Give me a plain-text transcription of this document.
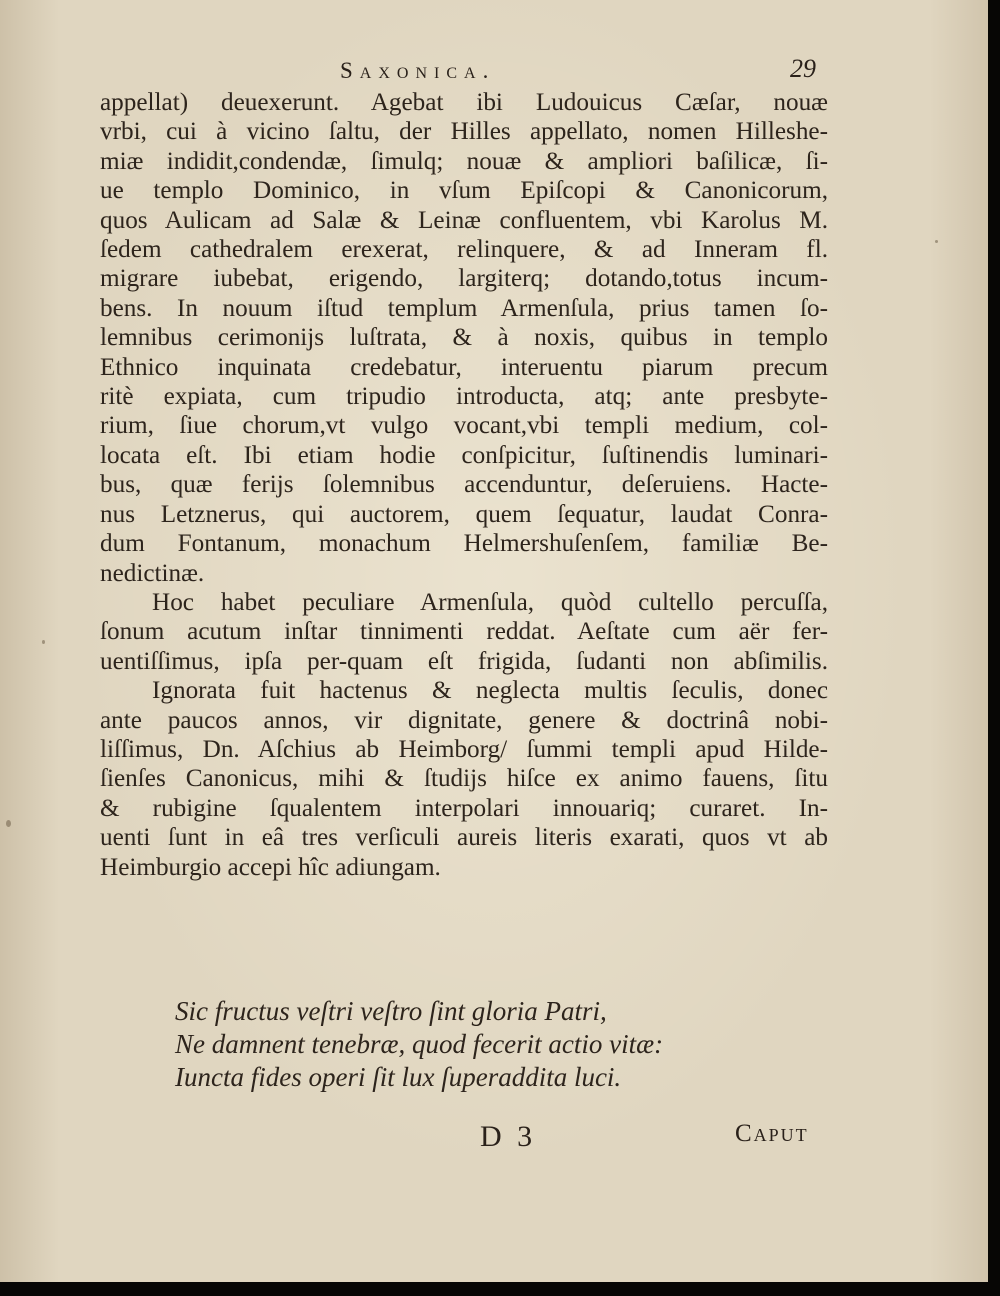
Saxonica.	29
appellat) deuexerunt. Agebat ibi Ludouicus Cæſar, nouæ
vrbi, cui à vicino ſaltu, der Hilles appellato, nomen Hilleshe-
miæ indidit,condendæ, ſimulq; nouæ & ampliori baſilicæ, ſi-
ue templo Dominico, in vſum Epiſcopi & Canonicorum,
quos Aulicam ad Salæ & Leinæ confluentem, vbi Karolus M.
ſedem cathedralem erexerat, relinquere, & ad Inneram fl.
migrare iubebat, erigendo, largiterq; dotando,totus incum-
bens. In nouum iſtud templum Armenſula, prius tamen ſo-
lemnibus cerimonijs luſtrata, & à noxis, quibus in templo
Ethnico inquinata credebatur, interuentu piarum precum
ritè expiata, cum tripudio introducta, atq; ante presbyte-
rium, ſiue chorum,vt vulgo vocant,vbi templi medium, col-
locata eſt. Ibi etiam hodie conſpicitur, ſuſtinendis luminari-
bus, quæ ferijs ſolemnibus accenduntur, deſeruiens. Hacte-
nus Letznerus, qui auctorem, quem ſequatur, laudat Conra-
dum Fontanum, monachum Helmershuſenſem, familiæ Be-
nedictinæ.
Hoc habet peculiare Armenſula, quòd cultello percuſſa,
ſonum acutum inſtar tinnimenti reddat. Aeſtate cum aër fer-
uentiſſimus, ipſa per-quam eſt frigida, ſudanti non abſimilis.
Ignorata fuit hactenus & neglecta multis ſeculis, donec
ante paucos annos, vir dignitate, genere & doctrinâ nobi-
liſſimus, Dn. Aſchius ab Heimborg/ ſummi templi apud Hilde-
ſienſes Canonicus, mihi & ſtudijs hiſce ex animo fauens, ſitu
& rubigine ſqualentem interpolari innouariq; curaret. In-
uenti ſunt in eâ tres verſiculi aureis literis exarati, quos vt ab
Heimburgio accepi hîc adiungam.
Sic fructus veſtri veſtro ſint gloria Patri,
Ne damnent tenebræ, quod fecerit actio vitæ:
Iuncta fides operi ſit lux ſuperaddita luci.
D 3	Caput
